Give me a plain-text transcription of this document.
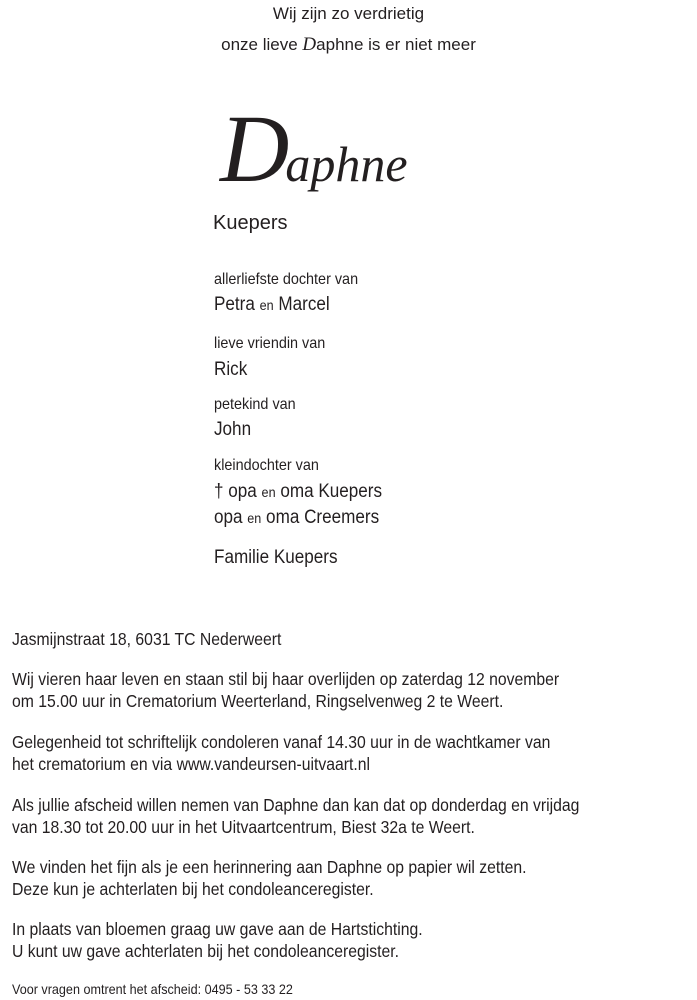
Wij zijn zo verdrietig
onze lieve Daphne is er niet meer
Daphne
Kuepers
allerliefste dochter van
Petra en Marcel
lieve vriendin van
Rick
petekind van
John
kleindochter van
† opa en oma Kuepers
opa en oma Creemers
Familie Kuepers
Jasmijnstraat 18, 6031 TC Nederweert
Wij vieren haar leven en staan stil bij haar overlijden op zaterdag 12 november
om 15.00 uur in Crematorium Weerterland, Ringselvenweg 2 te Weert.
Gelegenheid tot schriftelijk condoleren vanaf 14.30 uur in de wachtkamer van
het crematorium en via www.vandeursen-uitvaart.nl
Als jullie afscheid willen nemen van Daphne dan kan dat op donderdag en vrijdag
van 18.30 tot 20.00 uur in het Uitvaartcentrum, Biest 32a te Weert.
We vinden het fijn als je een herinnering aan Daphne op papier wil zetten.
Deze kun je achterlaten bij het condoleanceregister.
In plaats van bloemen graag uw gave aan de Hartstichting.
U kunt uw gave achterlaten bij het condoleanceregister.
Voor vragen omtrent het afscheid: 0495 - 53 33 22
